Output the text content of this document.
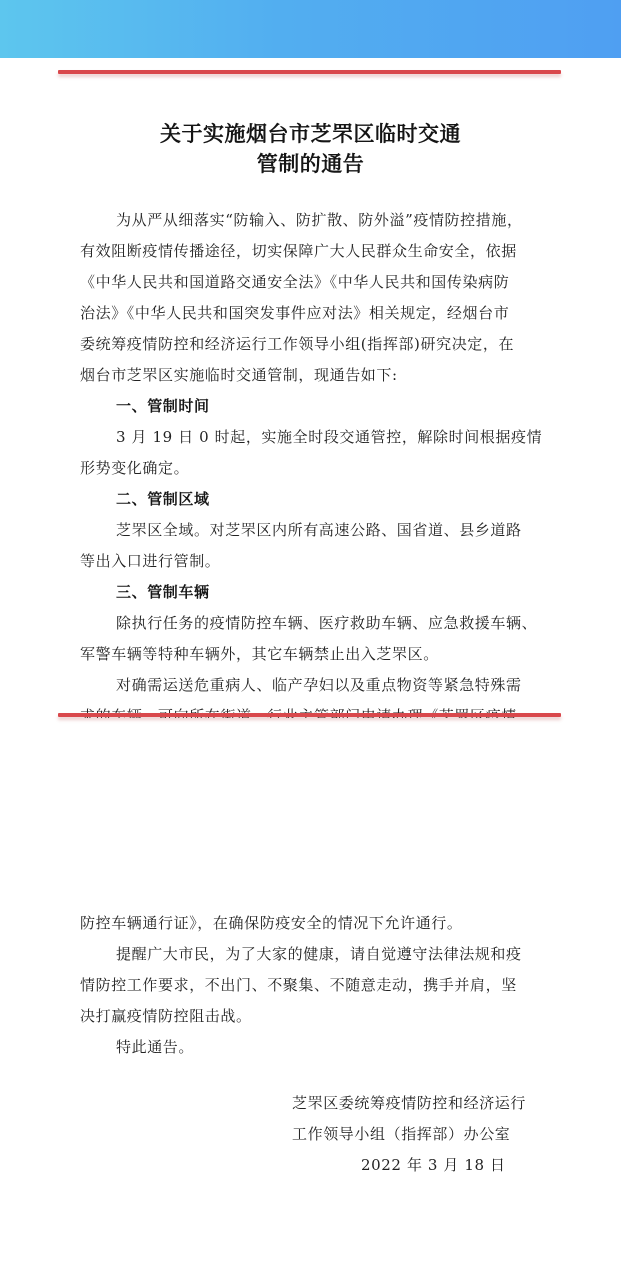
关于实施烟台市芝罘区临时交通
管制的通告
为从严从细落实“防输入、防扩散、防外溢”疫情防控措施，
有效阻断疫情传播途径，切实保障广大人民群众生命安全，依据
《中华人民共和国道路交通安全法》《中华人民共和国传染病防
治法》《中华人民共和国突发事件应对法》相关规定，经烟台市
委统筹疫情防控和经济运行工作领导小组(指挥部)研究决定，在
烟台市芝罘区实施临时交通管制，现通告如下:
一、管制时间
3 月 19 日 0 时起，实施全时段交通管控，解除时间根据疫情
形势变化确定。
二、管制区域
芝罘区全域。对芝罘区内所有高速公路、国省道、县乡道路
等出入口进行管制。
三、管制车辆
除执行任务的疫情防控车辆、医疗救助车辆、应急救援车辆、
军警车辆等特种车辆外，其它车辆禁止出入芝罘区。
对确需运送危重病人、临产孕妇以及重点物资等紧急特殊需
防控车辆通行证》，在确保防疫安全的情况下允许通行。
提醒广大市民，为了大家的健康，请自觉遵守法律法规和疫
情防控工作要求，不出门、不聚集、不随意走动，携手并肩，坚
决打赢疫情防控阻击战。
特此通告。
芝罘区委统筹疫情防控和经济运行
工作领导小组（指挥部）办公室
2022 年 3 月 18 日
